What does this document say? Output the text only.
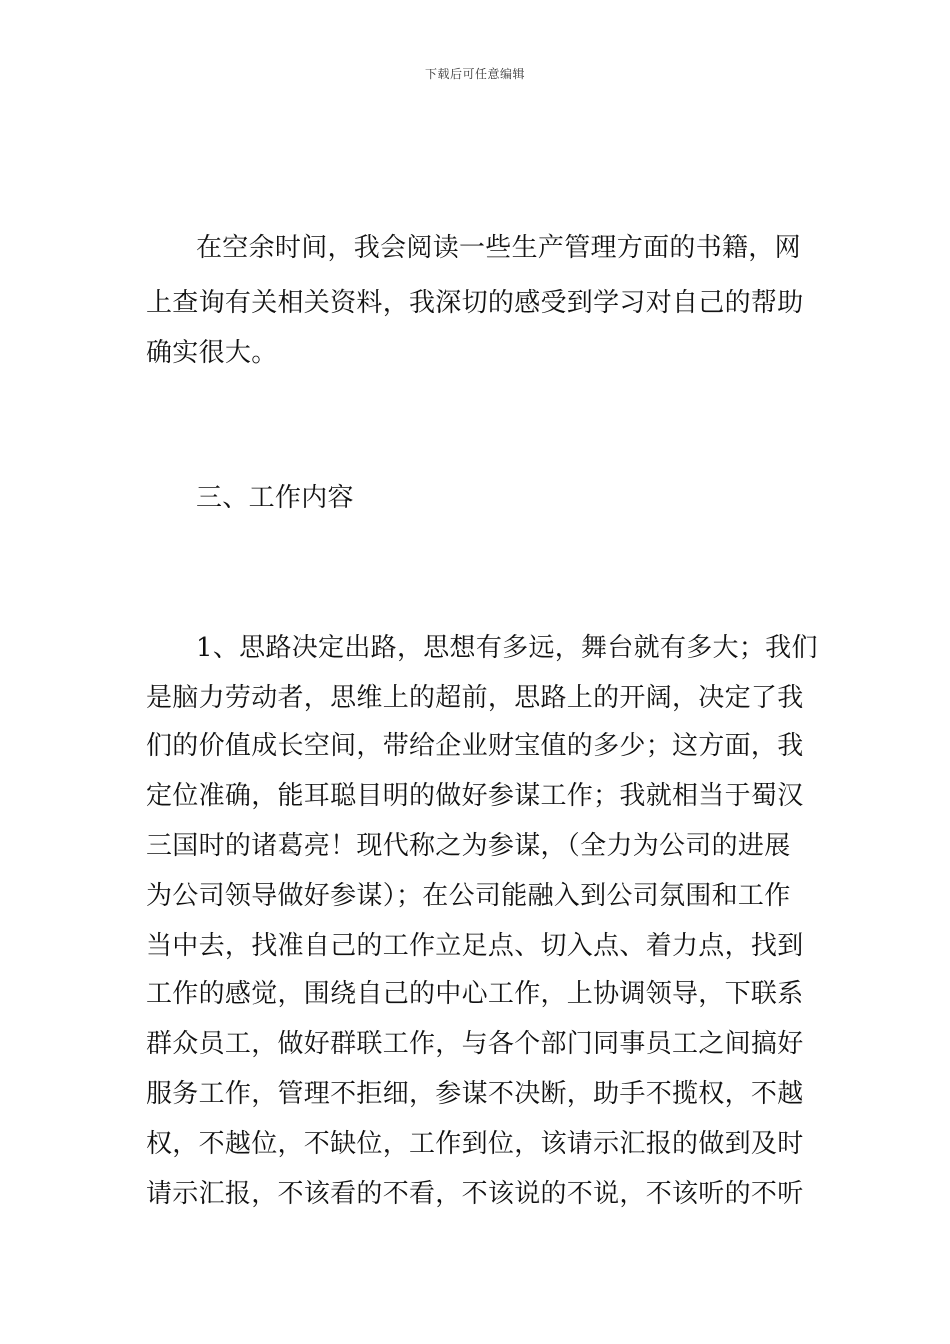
下载后可任意编辑
在空余时间，我会阅读一些生产管理方面的书籍，网
上查询有关相关资料，我深切的感受到学习对自己的帮助
确实很大。
三、工作内容
1、思路决定出路，思想有多远，舞台就有多大；我们
是脑力劳动者，思维上的超前，思路上的开阔，决定了我
们的价值成长空间，带给企业财宝值的多少；这方面，我
定位准确，能耳聪目明的做好参谋工作；我就相当于蜀汉
三国时的诸葛亮！现代称之为参谋，（全力为公司的进展
为公司领导做好参谋）；在公司能融入到公司氛围和工作
当中去，找准自己的工作立足点、切入点、着力点，找到
工作的感觉，围绕自己的中心工作，上协调领导，下联系
群众员工，做好群联工作，与各个部门同事员工之间搞好
服务工作，管理不拒细，参谋不决断，助手不揽权，不越
权，不越位，不缺位，工作到位，该请示汇报的做到及时
请示汇报，不该看的不看，不该说的不说，不该听的不听
